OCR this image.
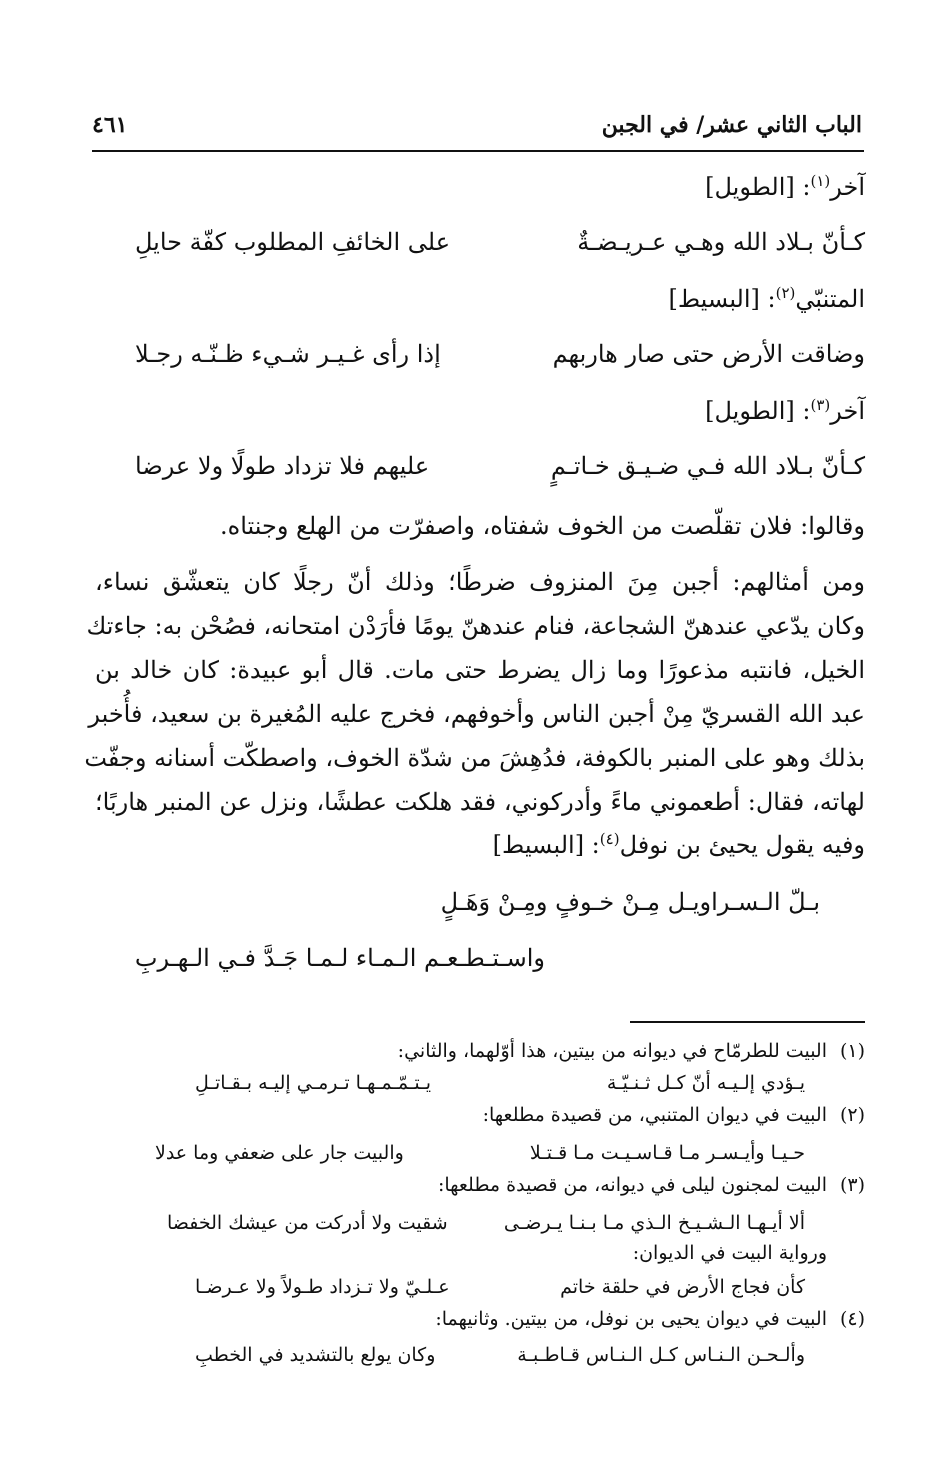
الباب الثاني عشر/ في الجبن
٤٦١
آخر$^{(١)}$: [الطويل]
كـأنّ بـلاد الله وهـي عـريـضـةٌ
على الخائفِ المطلوب كفّة حايلِ
المتنبّي$^{(٢)}$: [البسيط]
وضاقت الأرض حتى صار هاربهم
إذا رأى غـيـر شـيء ظـنّـه رجـلا
آخر$^{(٣)}$: [الطويل]
كـأنّ بـلاد الله فـي ضـيـق خـاتـمٍ
عليهم فلا تزداد طولًا ولا عرضا
وقالوا: فلان تقلّصت من الخوف شفتاه، واصفرّت من الهلع وجنتاه.
ومن أمثالهم: أجبن مِنَ المنزوف ضرطًا؛ وذلك أنّ رجلًا كان يتعشّق نساء،
وكان يدّعي عندهنّ الشجاعة، فنام عندهنّ يومًا فأرَدْن امتحانه، فصُحْن به: جاءتك
الخيل، فانتبه مذعورًا وما زال يضرط حتى مات. قال أبو عبيدة: كان خالد بن
عبد الله القسريّ مِنْ أجبن الناس وأخوفهم، فخرج عليه المُغيرة بن سعيد، فأُخبر
بذلك وهو على المنبر بالكوفة، فدُهِشَ من شدّة الخوف، واصطكّت أسنانه وجفّت
لهاته، فقال: أطعموني ماءً وأدركوني، فقد هلكت عطشًا، ونزل عن المنبر هاربًا؛
وفيه يقول يحيئ بن نوفل$^{(٤)}$: [البسيط]
بـلّ الـسـراويـل مِـنْ خـوفٍ ومِـنْ وَهَـلٍ
واسـتـطـعـم الـمـاء لـمـا جَـدَّ فـي الـهـربِ
(١)البيت للطرمّاح في ديوانه من بيتين، هذا أوّلهما، والثاني:
يـؤدي إلـيـه أنّ كـل ثـنـيّـة
يـتـمّـمـهـا تـرمـي إليـه بـقـاتـلِ
(٢)البيت في ديوان المتنبي، من قصيدة مطلعها:
حـيـا وأيـسـر مـا قـاسـيـت مـا قـتـلا
والبيت جار على ضعفي وما عدلا
(٣)البيت لمجنون ليلى في ديوانه، من قصيدة مطلعها:
ألا أيـهـا الـشـيـخ الـذي مـا بـنـا يـرضـى
شقيت ولا أدركت من عيشك الخفضا
ورواية البيت في الديوان:
كأن فجاج الأرض في حلقة خاتم
عـلـيّ ولا تـزداد طـولاً ولا عـرضـا
(٤)البيت في ديوان يحيى بن نوفل، من بيتين. وثانيهما:
وألـحـن الـنـاس كـل الـنـاس قـاطـبـة
وكان يولع بالتشديد في الخطبِ
